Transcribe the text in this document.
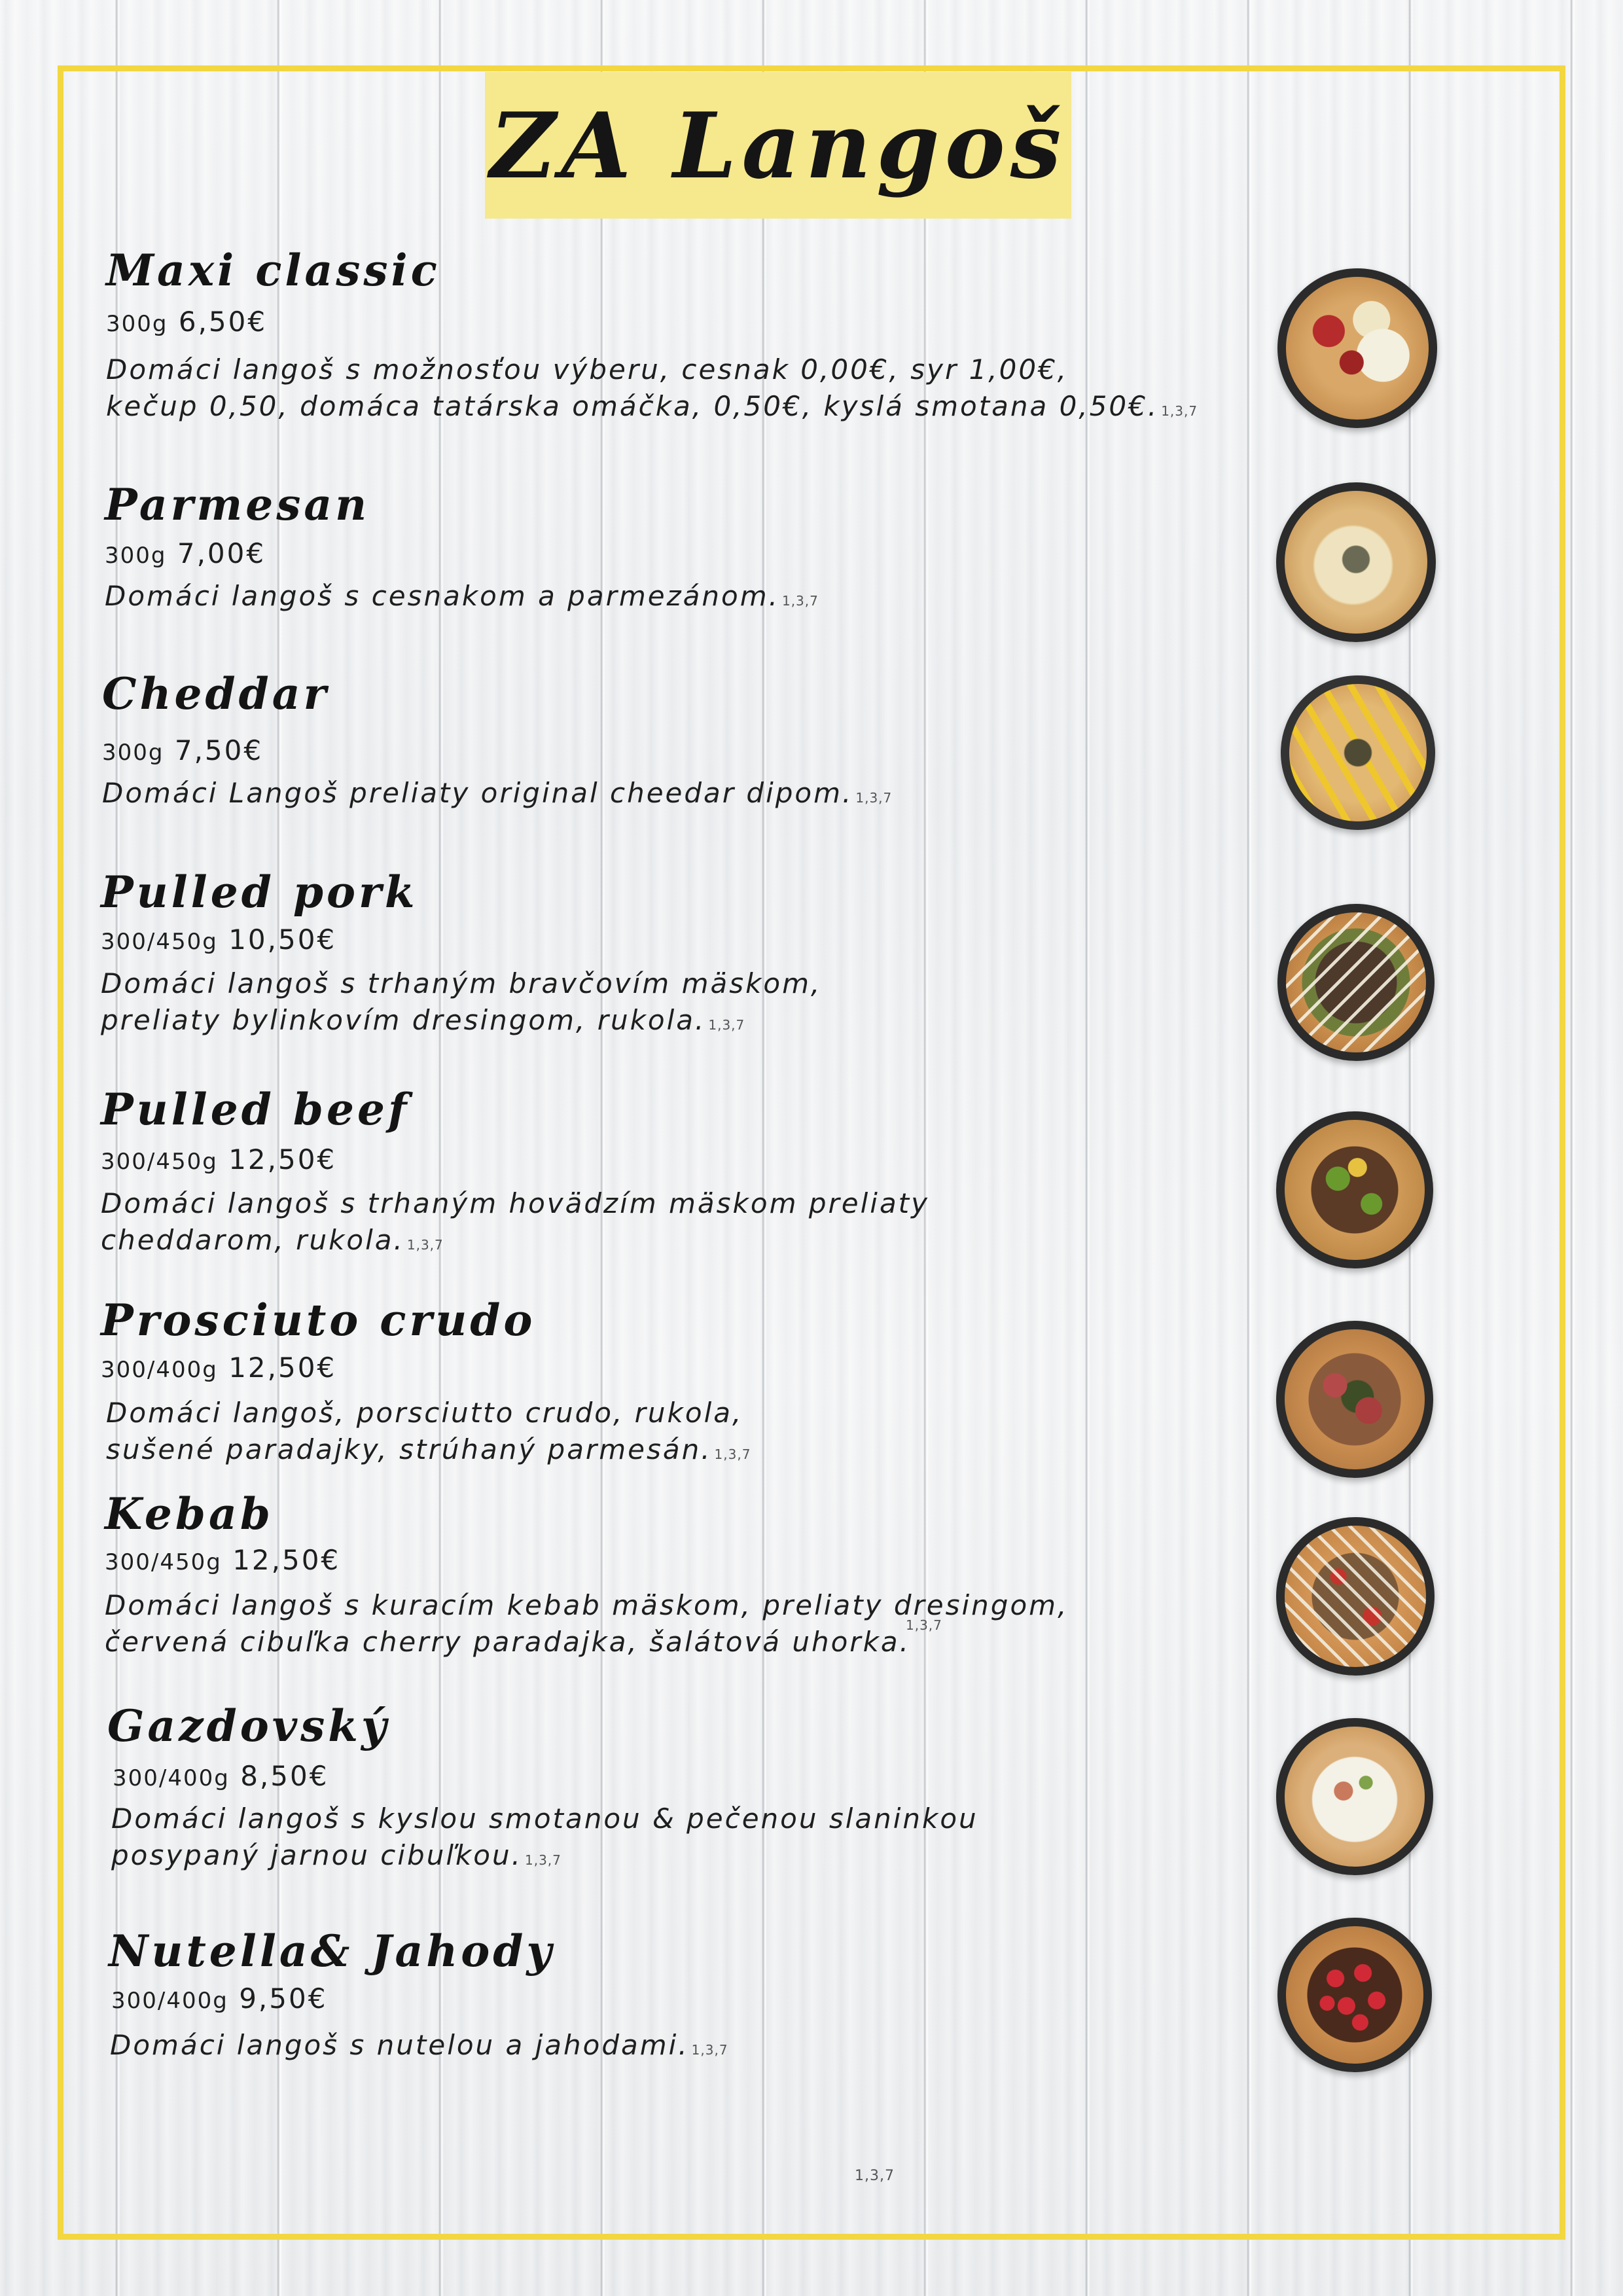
ZA Langoš
Maxi classic
300g 6,50€
Domáci langoš s možnosťou výberu, cesnak 0,00€, syr 1,00€,
kečup 0,50, domáca tatárska omáčka, 0,50€, kyslá smotana 0,50€. 1,3,7
Parmesan
300g 7,00€
Domáci langoš s cesnakom a parmezánom. 1,3,7
Cheddar
300g 7,50€
Domáci Langoš preliaty original cheedar dipom. 1,3,7
Pulled pork
300/450g 10,50€
Domáci langoš s trhaným bravčovím mäskom,
preliaty bylinkovím dresingom, rukola. 1,3,7
Pulled beef
300/450g 12,50€
Domáci langoš s trhaným hovädzím mäskom preliaty
cheddarom, rukola. 1,3,7
Prosciuto crudo
300/400g 12,50€
Domáci langoš, porsciutto crudo, rukola,
sušené paradajky, strúhaný parmesán. 1,3,7
Kebab
300/450g 12,50€
Domáci langoš s kuracím kebab mäskom, preliaty dresingom,
červená cibuľka cherry paradajka, šalátová uhorka.
1,3,7
Gazdovský
300/400g 8,50€
Domáci langoš s kyslou smotanou & pečenou slaninkou
posypaný jarnou cibuľkou. 1,3,7
Nutella& Jahody
300/400g 9,50€
Domáci langoš s nutelou a jahodami. 1,3,7
1,3,7
